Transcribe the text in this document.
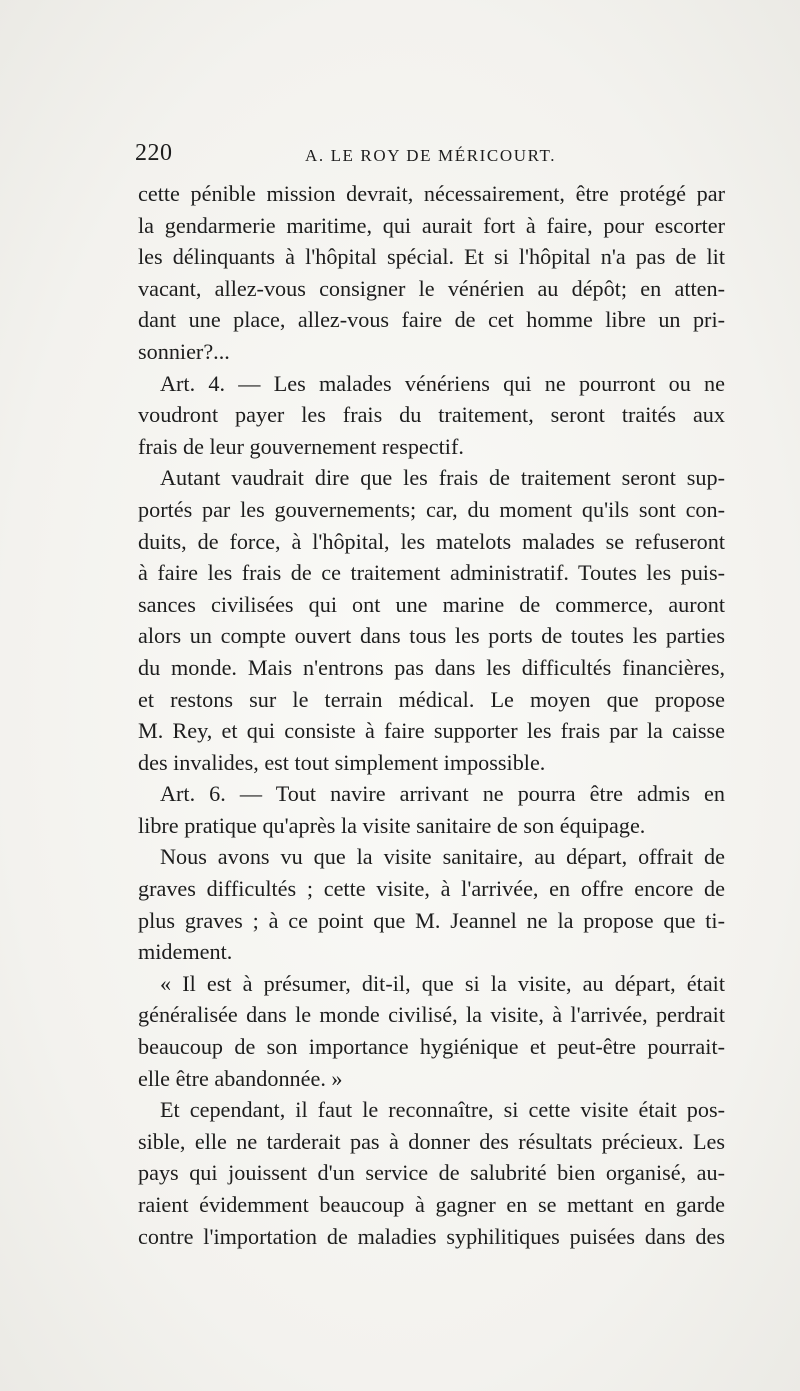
220	A. LE ROY DE MÉRICOURT.
cette pénible mission devrait, nécessairement, être protégé par
la gendarmerie maritime, qui aurait fort à faire, pour escorter
les délinquants à l'hôpital spécial. Et si l'hôpital n'a pas de lit
vacant, allez-vous consigner le vénérien au dépôt; en atten-
dant une place, allez-vous faire de cet homme libre un pri-
sonnier?...
Art. 4. — Les malades vénériens qui ne pourront ou ne
voudront payer les frais du traitement, seront traités aux
frais de leur gouvernement respectif.
Autant vaudrait dire que les frais de traitement seront sup-
portés par les gouvernements; car, du moment qu'ils sont con-
duits, de force, à l'hôpital, les matelots malades se refuseront
à faire les frais de ce traitement administratif. Toutes les puis-
sances civilisées qui ont une marine de commerce, auront
alors un compte ouvert dans tous les ports de toutes les parties
du monde. Mais n'entrons pas dans les difficultés financières,
et restons sur le terrain médical. Le moyen que propose
M. Rey, et qui consiste à faire supporter les frais par la caisse
des invalides, est tout simplement impossible.
Art. 6. — Tout navire arrivant ne pourra être admis en
libre pratique qu'après la visite sanitaire de son équipage.
Nous avons vu que la visite sanitaire, au départ, offrait de
graves difficultés ; cette visite, à l'arrivée, en offre encore de
plus graves ; à ce point que M. Jeannel ne la propose que ti-
midement.
« Il est à présumer, dit-il, que si la visite, au départ, était
généralisée dans le monde civilisé, la visite, à l'arrivée, perdrait
beaucoup de son importance hygiénique et peut-être pourrait-
elle être abandonnée. »
Et cependant, il faut le reconnaître, si cette visite était pos-
sible, elle ne tarderait pas à donner des résultats précieux. Les
pays qui jouissent d'un service de salubrité bien organisé, au-
raient évidemment beaucoup à gagner en se mettant en garde
contre l'importation de maladies syphilitiques puisées dans des
